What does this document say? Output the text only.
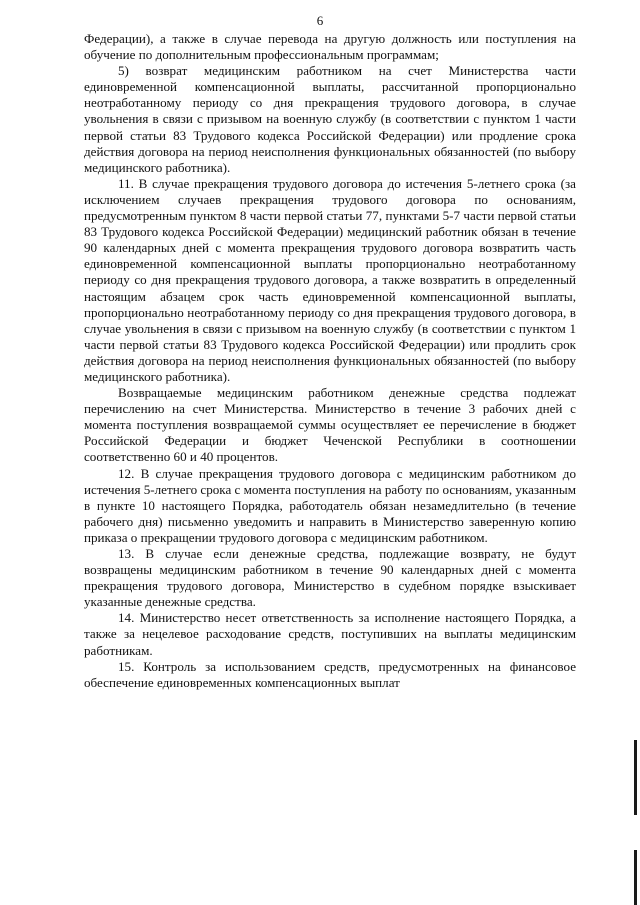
6

Федерации), а также в случае перевода на другую должность или поступления на обучение по дополнительным профессиональным программам;

5) возврат медицинским работником на счет Министерства части единовременной компенсационной выплаты, рассчитанной пропорционально неотработанному периоду со дня прекращения трудового договора, в случае увольнения в связи с призывом на военную службу (в соответствии с пунктом 1 части первой статьи 83 Трудового кодекса Российской Федерации) или продление срока действия договора на период неисполнения функциональных обязанностей (по выбору медицинского работника).

11. В случае прекращения трудового договора до истечения 5-летнего срока (за исключением случаев прекращения трудового договора по основаниям, предусмотренным пунктом 8 части первой статьи 77, пунктами 5-7 части первой статьи 83 Трудового кодекса Российской Федерации) медицинский работник обязан в течение 90 календарных дней с момента прекращения трудового договора возвратить часть единовременной компенсационной выплаты пропорционально неотработанному периоду со дня прекращения трудового договора, а также возвратить в определенный настоящим абзацем срок часть единовременной компенсационной выплаты, пропорционально неотработанному периоду со дня прекращения трудового договора, в случае увольнения в связи с призывом на военную службу (в соответствии с пунктом 1 части первой статьи 83 Трудового кодекса Российской Федерации) или продлить срок действия договора на период неисполнения функциональных обязанностей (по выбору медицинского работника).

Возвращаемые медицинским работником денежные средства подлежат перечислению на счет Министерства. Министерство в течение 3 рабочих дней с момента поступления возвращаемой суммы осуществляет ее перечисление в бюджет Российской Федерации и бюджет Чеченской Республики в соотношении соответственно 60 и 40 процентов.

12. В случае прекращения трудового договора с медицинским работником до истечения 5-летнего срока с момента поступления на работу по основаниям, указанным в пункте 10 настоящего Порядка, работодатель обязан незамедлительно (в течение рабочего дня) письменно уведомить и направить в Министерство заверенную копию приказа о прекращении трудового договора с медицинским работником.

13. В случае если денежные средства, подлежащие возврату, не будут возвращены медицинским работником в течение 90 календарных дней с момента прекращения трудового договора, Министерство в судебном порядке взыскивает указанные денежные средства.

14. Министерство несет ответственность за исполнение настоящего Порядка, а также за нецелевое расходование средств, поступивших на выплаты медицинским работникам.

15. Контроль за использованием средств, предусмотренных на финансовое обеспечение единовременных компенсационных выплат
